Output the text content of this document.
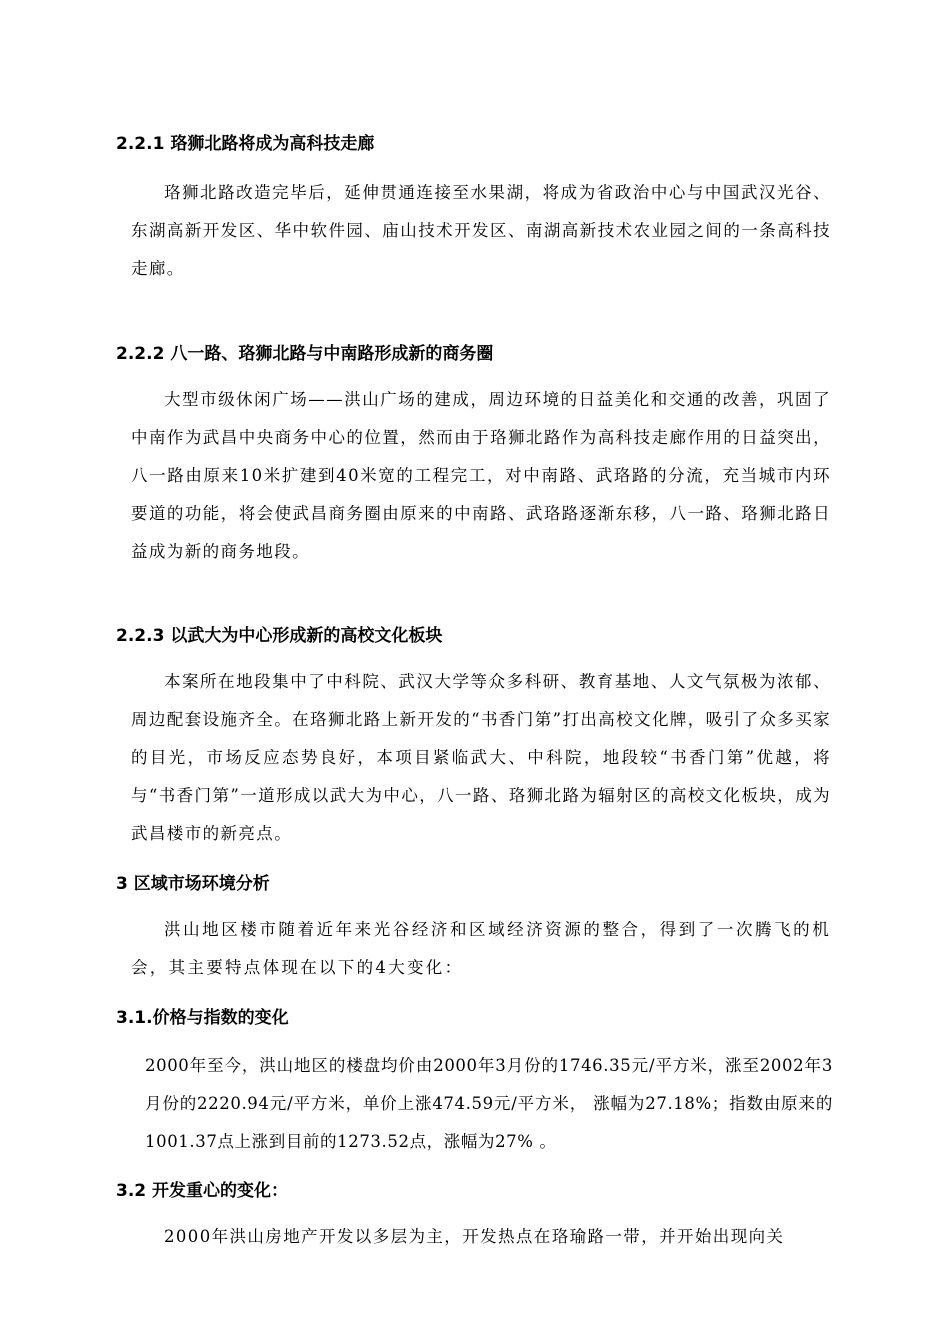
2.2.1 珞狮北路将成为高科技走廊

珞狮北路改造完毕后，延伸贯通连接至水果湖，将成为省政治中心与中国武汉光谷、东湖高新开发区、华中软件园、庙山技术开发区、南湖高新技术农业园之间的一条高科技走廊。

2.2.2 八一路、珞狮北路与中南路形成新的商务圈

大型市级休闲广场——洪山广场的建成，周边环境的日益美化和交通的改善，巩固了中南作为武昌中央商务中心的位置，然而由于珞狮北路作为高科技走廊作用的日益突出，八一路由原来10米扩建到40米宽的工程完工，对中南路、武珞路的分流，充当城市内环要道的功能，将会使武昌商务圈由原来的中南路、武珞路逐渐东移，八一路、珞狮北路日益成为新的商务地段。

2.2.3 以武大为中心形成新的高校文化板块

本案所在地段集中了中科院、武汉大学等众多科研、教育基地、人文气氛极为浓郁、周边配套设施齐全。在珞狮北路上新开发的“书香门第”打出高校文化牌，吸引了众多买家的目光，市场反应态势良好，本项目紧临武大、中科院，地段较“书香门第”优越，将与“书香门第”一道形成以武大为中心，八一路、珞狮北路为辐射区的高校文化板块，成为武昌楼市的新亮点。

3 区域市场环境分析

洪山地区楼市随着近年来光谷经济和区域经济资源的整合，得到了一次腾飞的机会，其主要特点体现在以下的4大变化：

3.1.价格与指数的变化

2000年至今，洪山地区的楼盘均价由2000年3月份的1746.35元/平方米，涨至2002年3月份的2220.94元/平方米，单价上涨474.59元/平方米， 涨幅为27.18%；指数由原来的1001.37点上涨到目前的1273.52点，涨幅为27% 。

3.2 开发重心的变化：

2000年洪山房地产开发以多层为主，开发热点在珞瑜路一带，并开始出现向关
